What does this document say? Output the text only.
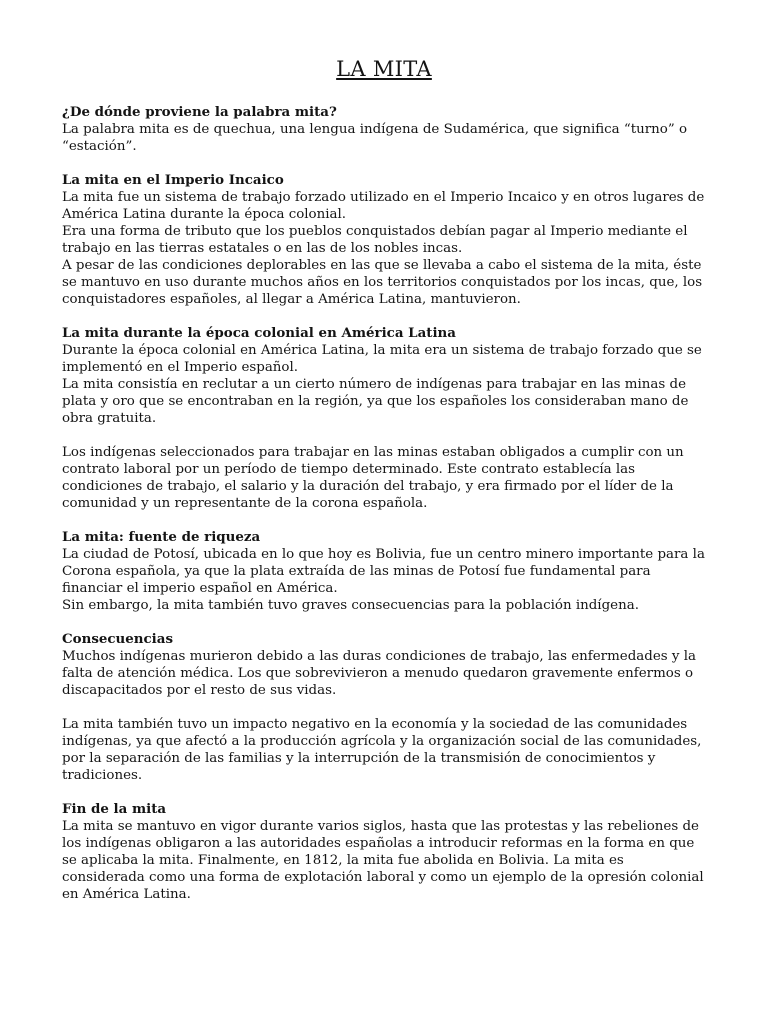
LA MITA

¿De dónde proviene la palabra mita?

La palabra mita es de quechua, una lengua indígena de Sudamérica, que significa “turno” o “estación”.

La mita en el Imperio Incaico

La mita fue un sistema de trabajo forzado utilizado en el Imperio Incaico y en otros lugares de América Latina durante la época colonial.

Era una forma de tributo que los pueblos conquistados debían pagar al Imperio mediante el trabajo en las tierras estatales o en las de los nobles incas.

A pesar de las condiciones deplorables en las que se llevaba a cabo el sistema de la mita, éste se mantuvo en uso durante muchos años en los territorios conquistados por los incas, que, los conquistadores españoles, al llegar a América Latina, mantuvieron.

La mita durante la época colonial en América Latina

Durante la época colonial en América Latina, la mita era un sistema de trabajo forzado que se implementó en el Imperio español.

La mita consistía en reclutar a un cierto número de indígenas para trabajar en las minas de plata y oro que se encontraban en la región, ya que los españoles los consideraban mano de obra gratuita.

Los indígenas seleccionados para trabajar en las minas estaban obligados a cumplir con un contrato laboral por un período de tiempo determinado. Este contrato establecía las condiciones de trabajo, el salario y la duración del trabajo, y era firmado por el líder de la comunidad y un representante de la corona española.

La mita: fuente de riqueza

La ciudad de Potosí, ubicada en lo que hoy es Bolivia, fue un centro minero importante para la Corona española, ya que la plata extraída de las minas de Potosí fue fundamental para financiar el imperio español en América.

Sin embargo, la mita también tuvo graves consecuencias para la población indígena.

Consecuencias

Muchos indígenas murieron debido a las duras condiciones de trabajo, las enfermedades y la falta de atención médica. Los que sobrevivieron a menudo quedaron gravemente enfermos o discapacitados por el resto de sus vidas.

La mita también tuvo un impacto negativo en la economía y la sociedad de las comunidades indígenas, ya que afectó a la producción agrícola y la organización social de las comunidades, por la separación de las familias y la interrupción de la transmisión de conocimientos y tradiciones.

Fin de la mita

La mita se mantuvo en vigor durante varios siglos, hasta que las protestas y las rebeliones de los indígenas obligaron a las autoridades españolas a introducir reformas en la forma en que se aplicaba la mita. Finalmente, en 1812, la mita fue abolida en Bolivia. La mita es considerada como una forma de explotación laboral y como un ejemplo de la opresión colonial en América Latina.
